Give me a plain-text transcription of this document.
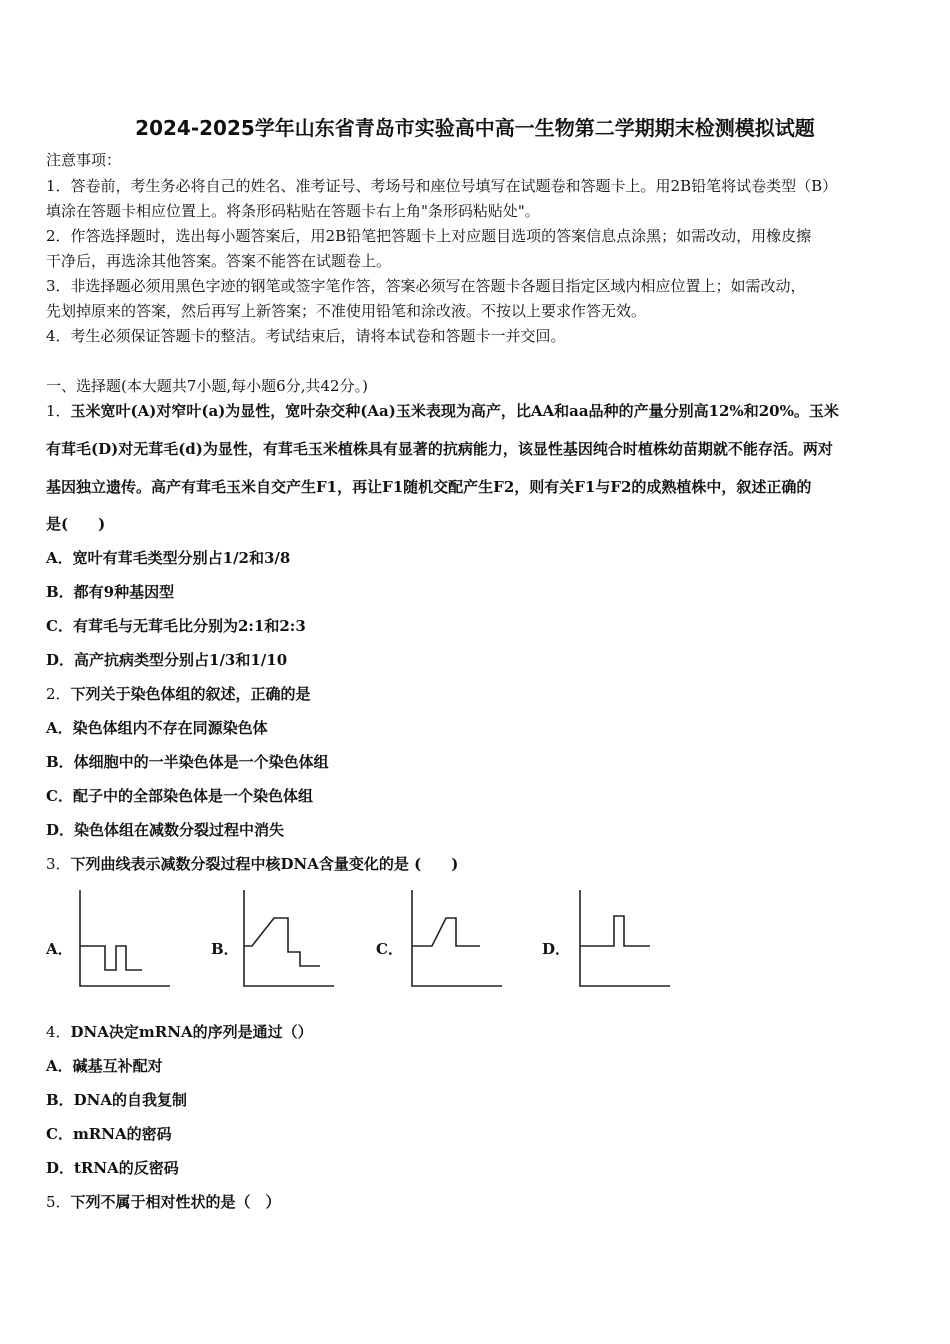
2024-2025学年山东省青岛市实验高中高一生物第二学期期末检测模拟试题
注意事项：
1．答卷前，考生务必将自己的姓名、准考证号、考场号和座位号填写在试题卷和答题卡上。用2B铅笔将试卷类型（B）
填涂在答题卡相应位置上。将条形码粘贴在答题卡右上角"条形码粘贴处"。
2．作答选择题时，选出每小题答案后，用2B铅笔把答题卡上对应题目选项的答案信息点涂黑；如需改动，用橡皮擦
干净后，再选涂其他答案。答案不能答在试题卷上。
3．非选择题必须用黑色字迹的钢笔或签字笔作答，答案必须写在答题卡各题目指定区域内相应位置上；如需改动，
先划掉原来的答案，然后再写上新答案；不准使用铅笔和涂改液。不按以上要求作答无效。
4．考生必须保证答题卡的整洁。考试结束后，请将本试卷和答题卡一并交回。
一、选择题(本大题共7小题,每小题6分,共42分。)
1．玉米宽叶(A)对窄叶(a)为显性，宽叶杂交种(Aa)玉米表现为高产，比AA和aa品种的产量分别高12%和20%。玉米
有茸毛(D)对无茸毛(d)为显性，有茸毛玉米植株具有显著的抗病能力，该显性基因纯合时植株幼苗期就不能存活。两对
基因独立遗传。高产有茸毛玉米自交产生F1，再让F1随机交配产生F2，则有关F1与F2的成熟植株中，叙述正确的
是(　　)
A．宽叶有茸毛类型分别占1/2和3/8
B．都有9种基因型
C．有茸毛与无茸毛比分别为2:1和2:3
D．高产抗病类型分别占1/3和1/10
2．下列关于染色体组的叙述，正确的是
A．染色体组内不存在同源染色体
B．体细胞中的一半染色体是一个染色体组
C．配子中的全部染色体是一个染色体组
D．染色体组在减数分裂过程中消失
3．下列曲线表示减数分裂过程中核DNA含量变化的是 (　　)
A．	B．	C．	D．
4．DNA决定mRNA的序列是通过（）
A．碱基互补配对
B．DNA的自我复制
C．mRNA的密码
D．tRNA的反密码
5．下列不属于相对性状的是（　）
